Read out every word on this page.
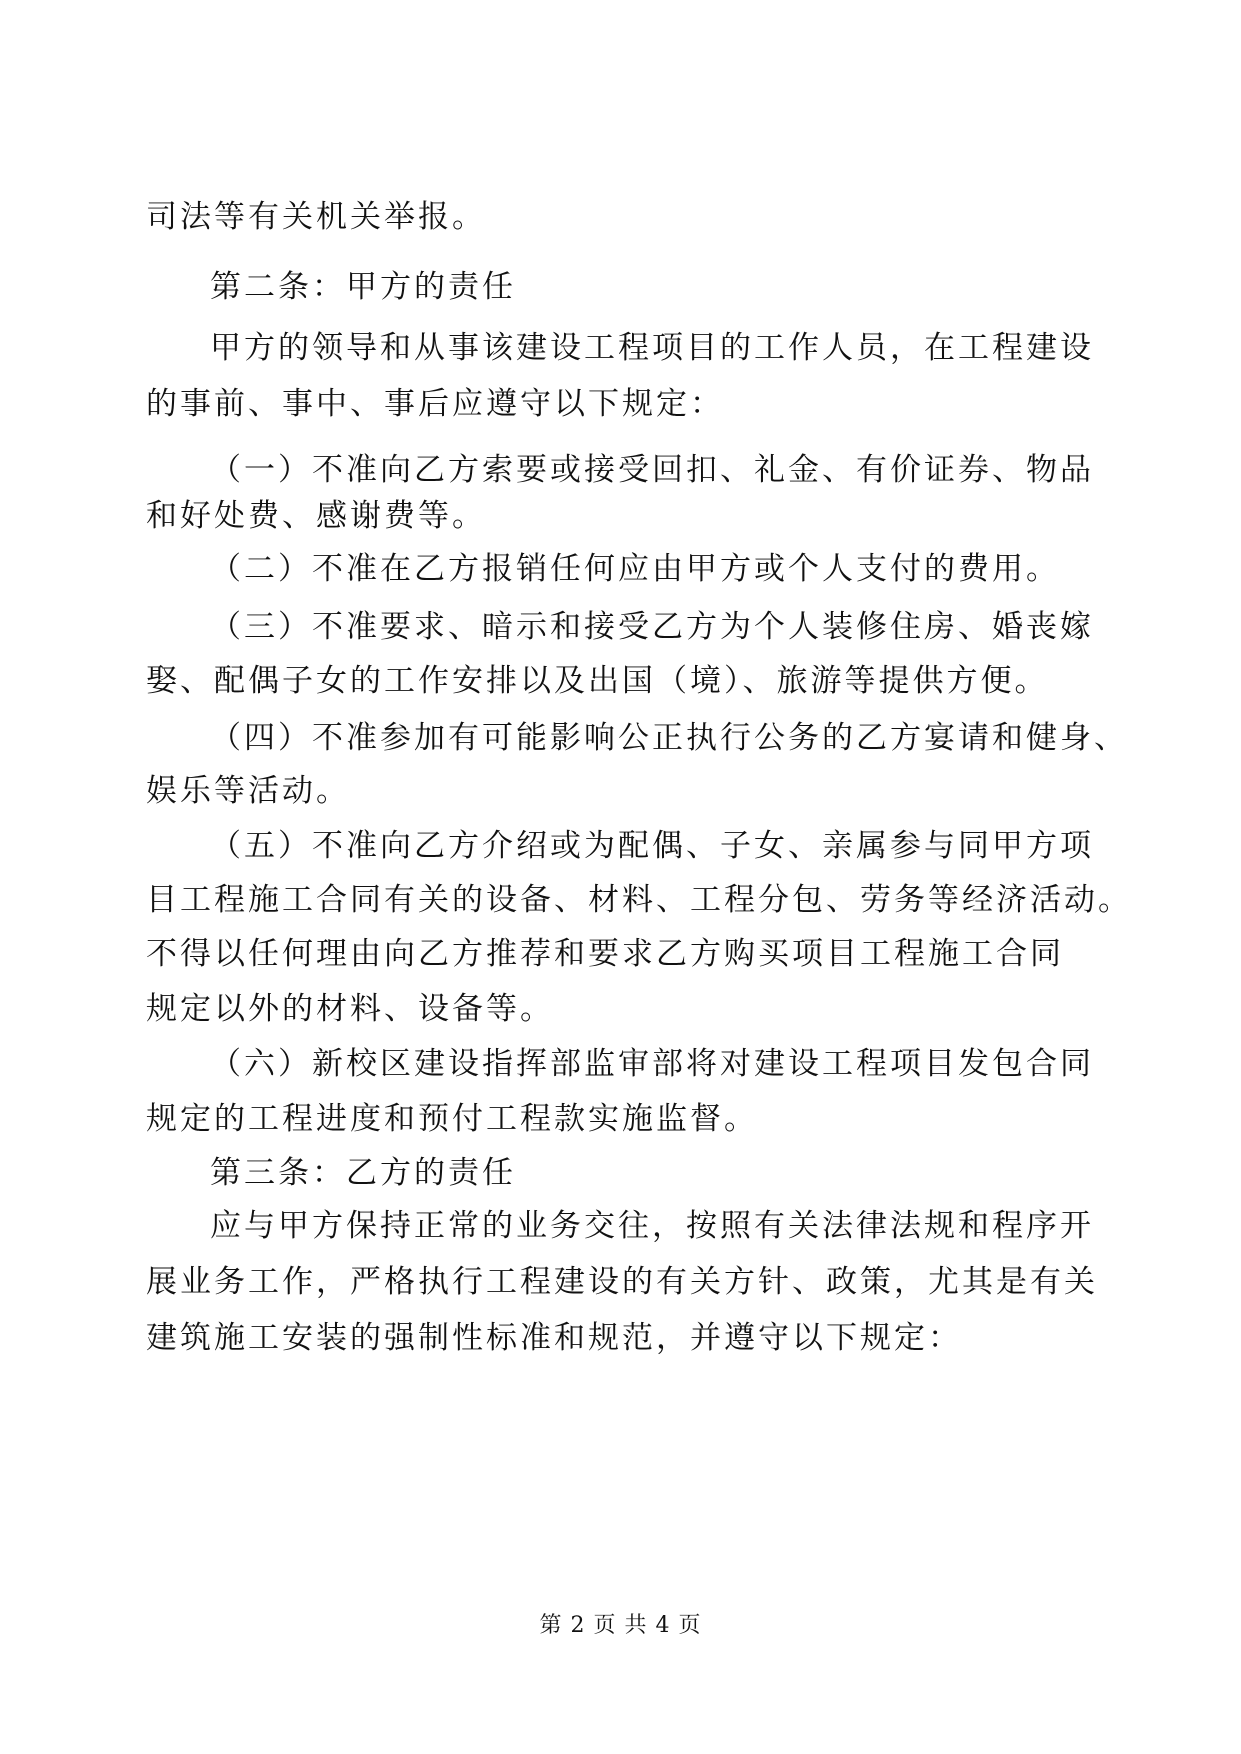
司法等有关机关举报。
第二条：甲方的责任
甲方的领导和从事该建设工程项目的工作人员，在工程建设
的事前、事中、事后应遵守以下规定：
（一）不准向乙方索要或接受回扣、礼金、有价证券、物品
和好处费、感谢费等。
（二）不准在乙方报销任何应由甲方或个人支付的费用。
（三）不准要求、暗示和接受乙方为个人装修住房、婚丧嫁
娶、配偶子女的工作安排以及出国（境）、旅游等提供方便。
（四）不准参加有可能影响公正执行公务的乙方宴请和健身、
娱乐等活动。
（五）不准向乙方介绍或为配偶、子女、亲属参与同甲方项
目工程施工合同有关的设备、材料、工程分包、劳务等经济活动。
不得以任何理由向乙方推荐和要求乙方购买项目工程施工合同
规定以外的材料、设备等。
（六）新校区建设指挥部监审部将对建设工程项目发包合同
规定的工程进度和预付工程款实施监督。
第三条：乙方的责任
应与甲方保持正常的业务交往，按照有关法律法规和程序开
展业务工作，严格执行工程建设的有关方针、政策，尤其是有关
建筑施工安装的强制性标准和规范，并遵守以下规定：
第 2 页 共 4 页
